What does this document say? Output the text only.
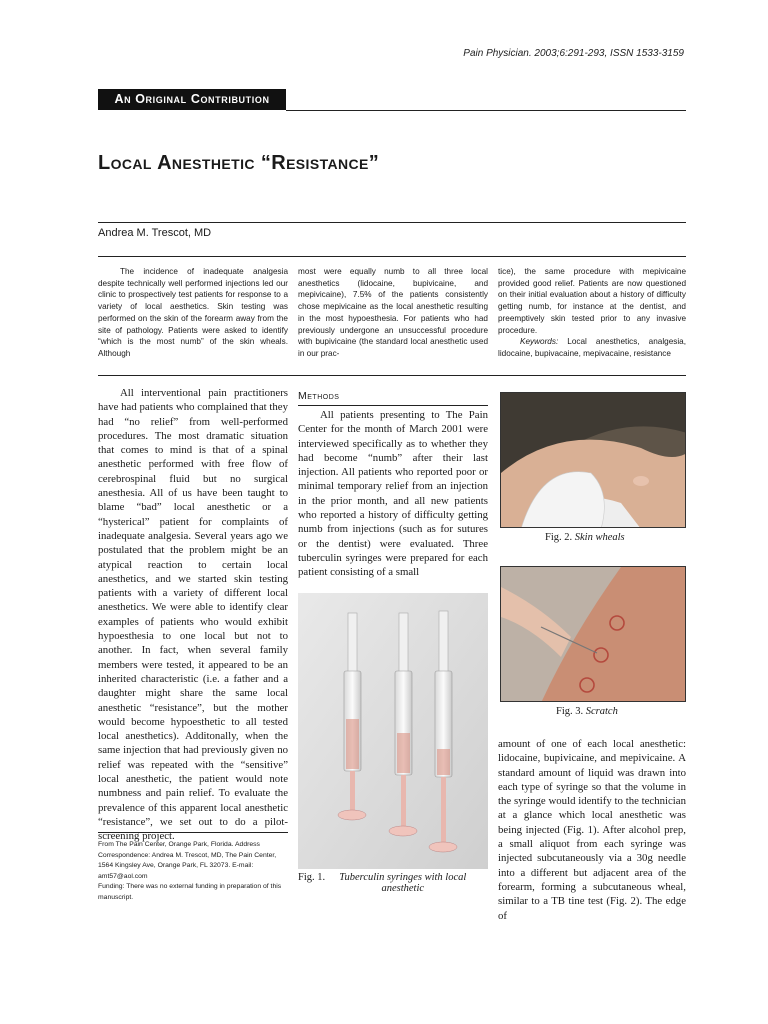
Pain Physician. 2003;6:291-293, ISSN 1533-3159
An Original Contribution
Local Anesthetic “Resistance”
Andrea M. Trescot, MD

The incidence of inadequate analgesia despite technically well performed injections led our clinic to prospectively test patients for response to a variety of local aesthetics. Skin testing was performed on the skin of the forearm away from the site of pathology. Patients were asked to identify “which is the most numb” of the skin wheals. Although

most were equally numb to all three local anesthetics (lidocaine, bupivicaine, and mepivicaine), 7.5% of the patients consistently chose mepivicaine as the local anesthetic resulting in the most hypoesthesia. For patients who had previously undergone an unsuccessful procedure with bupivicaine (the standard local anesthetic used in our prac-

tice), the same procedure with mepivicaine provided good relief. Patients are now questioned on their initial evaluation about a history of difficulty getting numb, for instance at the dentist, and preemptively skin tested prior to any invasive procedure.

Keywords: Local anesthetics, analgesia, lidocaine, bupivacaine, mepivacaine, resistance

All interventional pain practitioners have had patients who complained that they had “no relief” from well-performed procedures. The most dramatic situation that comes to mind is that of a spinal anesthetic performed with free flow of cerebrospinal fluid but no surgical anesthesia. All of us have been taught to blame “bad” local anesthetic or a “hysterical” patient for complaints of inadequate analgesia. Several years ago we postulated that the problem might be an atypical reaction to certain local anesthetics, and we started skin testing patients with a variety of different local anesthetics. We were able to identify clear examples of patients who would exhibit hypoesthesia to one local but not to another. In fact, when several family members were tested, it appeared to be an inherited characteristic (i.e. a father and a daughter might share the same local anesthetic “resistance”, but the mother would become hypoesthetic to all tested local anesthetics). Additonally, when the same injection that had previously given no relief was repeated with the “sensitive” local anesthetic, the patient would note numbness and pain relief. To evaluate the prevalence of this apparent local anesthetic “resistance”, we set out to do a pilot-screening project.

From The Pain Center, Orange Park, Florida. Address Correspondence: Andrea M. Trescot, MD, The Pain Center, 1564 Kingsley Ave, Orange Park, FL 32073. E-mail: amt57@aol.com

Funding: There was no external funding in preparation of this manuscript.

Methods

All patients presenting to The Pain Center for the month of March 2001 were interviewed specifically as to whether they had become “numb” after their last injection. All patients who reported poor or minimal temporary relief from an injection in the prior month, and all new patients who reported a history of difficulty getting numb from injections (such as for sutures or the dentist) were evaluated. Three tuberculin syringes were prepared for each patient consisting of a small

Fig. 1. Tuberculin syringes with local anesthetic
Fig. 2. Skin wheals
Fig. 3. Scratch

amount of one of each local anesthetic: lidocaine, bupivicaine, and mepivicaine. A standard amount of liquid was drawn into each type of syringe so that the volume in the syringe would identify to the technician at a glance which local anesthetic was being injected (Fig. 1). After alcohol prep, a small aliquot from each syringe was injected subcutaneously via a 30g needle into a different but adjacent area of the forearm, forming a subcutaneous wheal, similar to a TB tine test (Fig. 2). The edge of
